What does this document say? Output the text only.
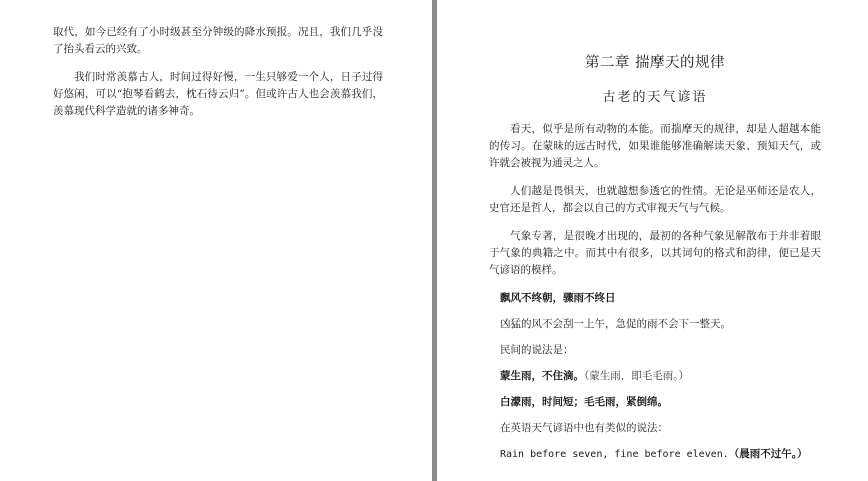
取代，如今已经有了小时级甚至分钟级的降水预报。况且，我们几乎没了抬头看云的兴致。

我们时常羡慕古人，时间过得好慢，一生只够爱一个人，日子过得好悠闲，可以“抱琴看鹤去，枕石待云归”。但或许古人也会羡慕我们，羡慕现代科学造就的诸多神奇。

第二章 揣摩天的规律
古老的天气谚语

看天，似乎是所有动物的本能。而揣摩天的规律，却是人超越本能的传习。在蒙昧的远古时代，如果谁能够准确解读天象、预知天气，或许就会被视为通灵之人。

人们越是畏惧天，也就越想参透它的性情。无论是巫师还是农人，史官还是哲人，都会以自己的方式审视天气与气候。

气象专著，是很晚才出现的，最初的各种气象见解散布于并非着眼于气象的典籍之中。而其中有很多，以其词句的格式和韵律，便已是天气谚语的模样。

飘风不终朝，骤雨不终日

凶猛的风不会刮一上午，急促的雨不会下一整天。

民间的说法是：

蒙生雨，不住滴。（蒙生雨，即毛毛雨。）

白濛雨，时间短；毛毛雨，紧倒绵。

在英语天气谚语中也有类似的说法：

Rain before seven, fine before eleven.（晨雨不过午。）
